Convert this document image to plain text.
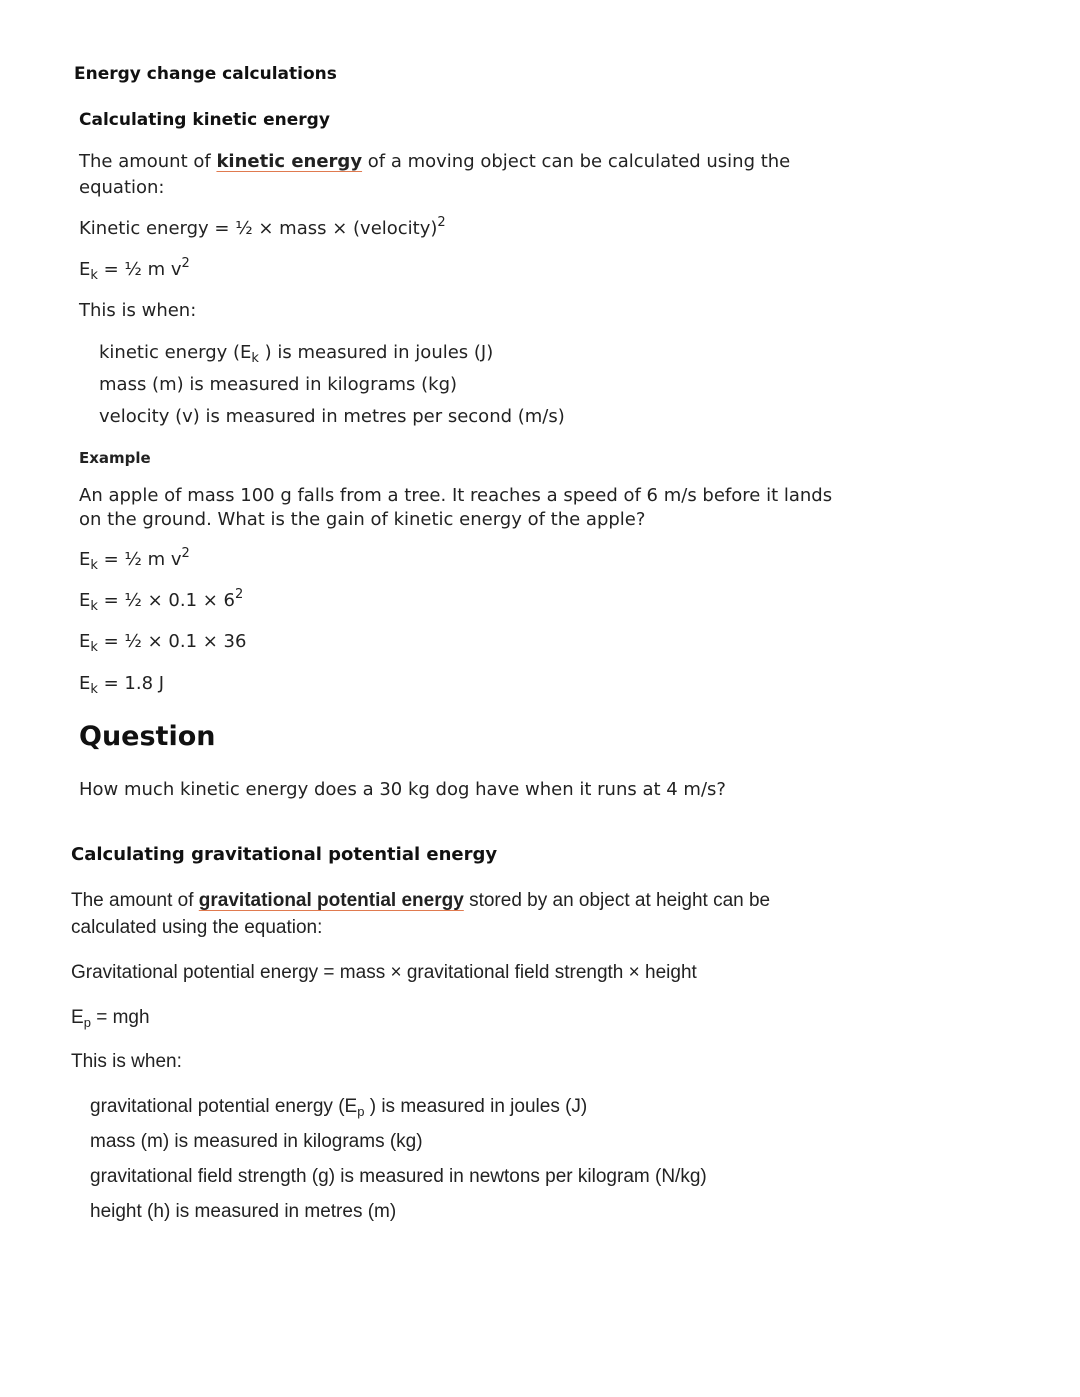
Energy change calculations
Calculating kinetic energy
The amount of kinetic energy of a moving object can be calculated using the
equation:
Kinetic energy = ½ × mass × (velocity)$^2$
$E_k$ = ½ m $v^2$
This is when:
kinetic energy ($E_k$ ) is measured in joules (J)
mass (m) is measured in kilograms (kg)
velocity (v) is measured in metres per second (m/s)
Example
An apple of mass 100 g falls from a tree. It reaches a speed of 6 m/s before it lands
on the ground. What is the gain of kinetic energy of the apple?
$E_k$ = ½ m $v^2$
$E_k$ = ½ × $0.1 \times 6^2$
$E_k$ = ½ × 0.1 × 36
$E_k = 1.8$ J
Question
How much kinetic energy does a 30 kg dog have when it runs at 4 m/s?
Calculating gravitational potential energy
The amount of gravitational potential energy stored by an object at height can be
calculated using the equation:
Gravitational potential energy = mass × gravitational field strength × height
$E_p$ = mgh
This is when:
gravitational potential energy ($E_p$ ) is measured in joules (J)
mass (m) is measured in kilograms (kg)
gravitational field strength (g) is measured in newtons per kilogram (N/kg)
height (h) is measured in metres (m)
